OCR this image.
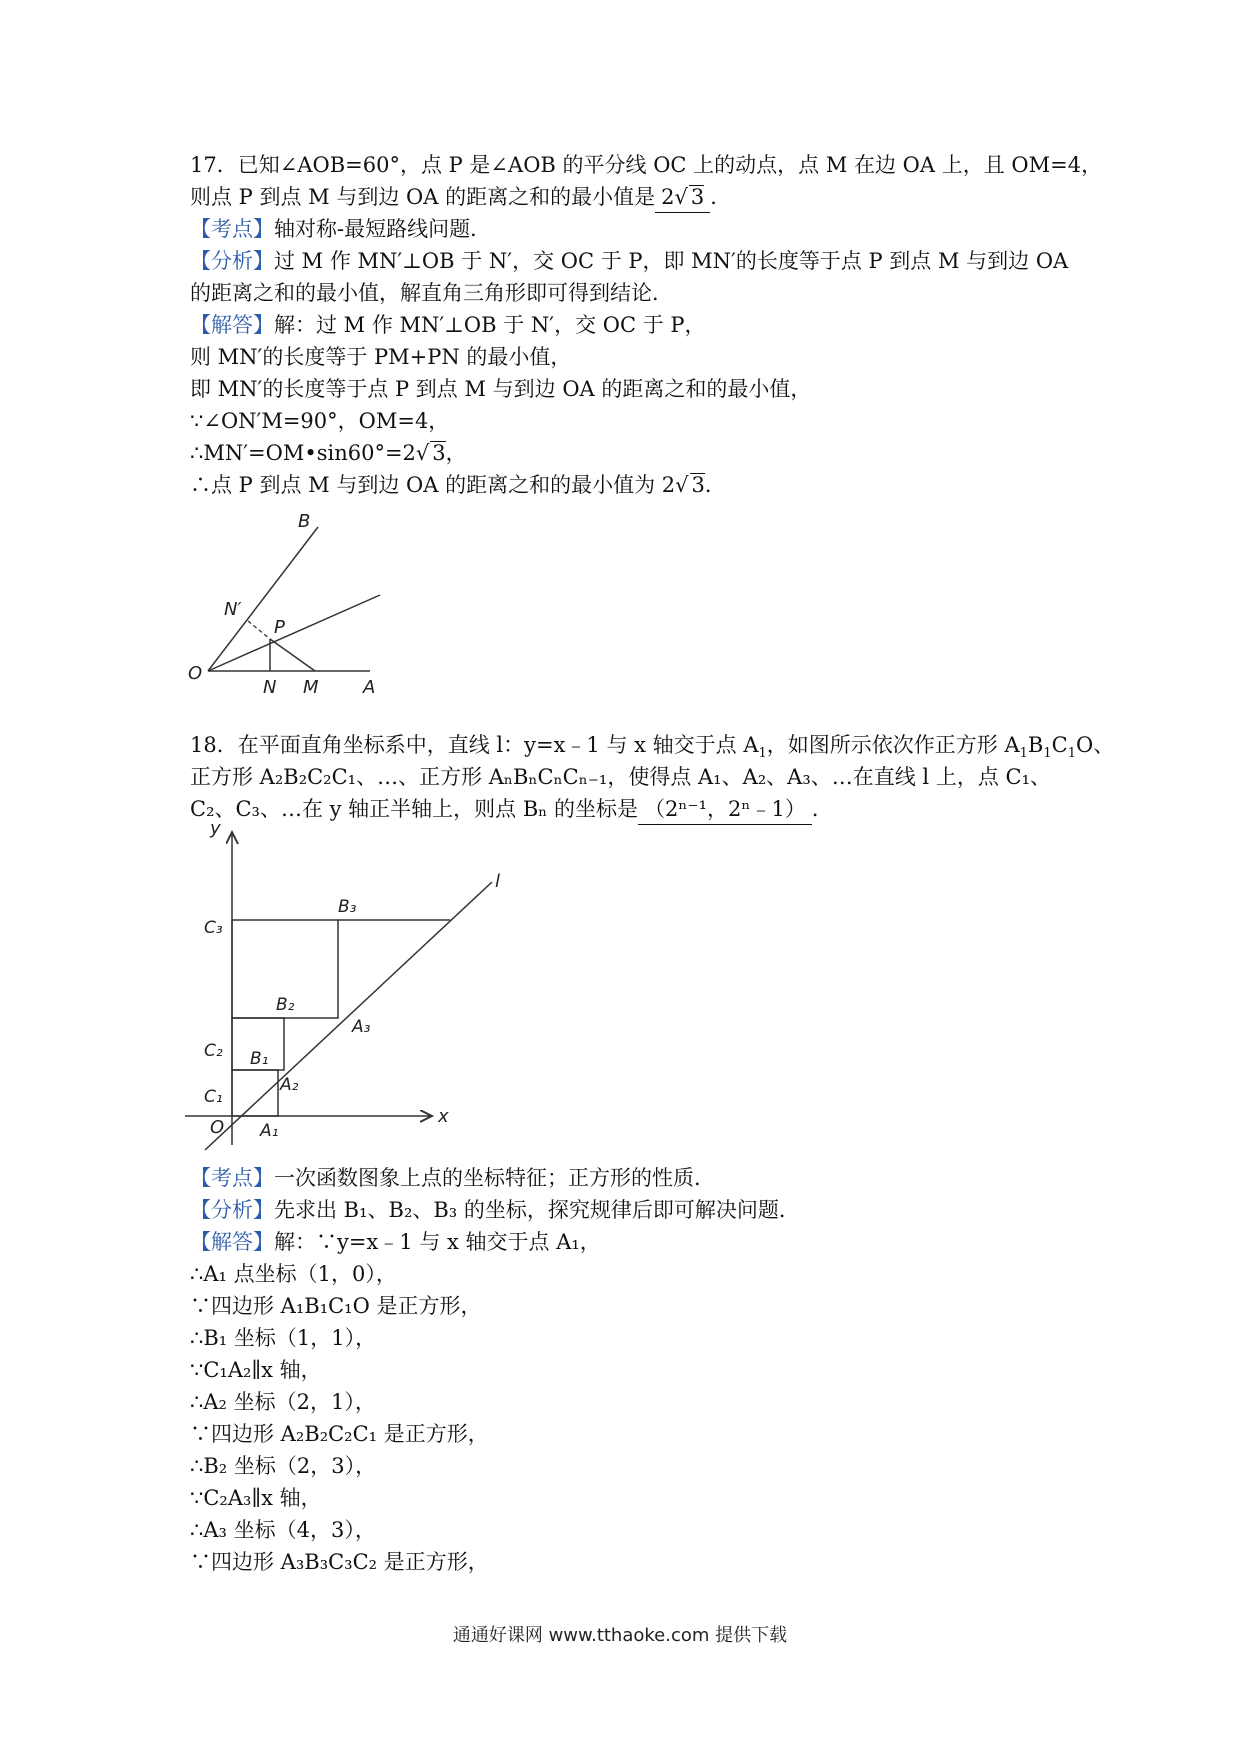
17．已知∠AOB=60°，点 P 是∠AOB 的平分线 OC 上的动点，点 M 在边 OA 上，且 OM=4，
则点 P 到点 M 与到边 OA 的距离之和的最小值是 2√ 3 ．
【考点】轴对称-最短路线问题．
【分析】过 M 作 MN′⊥OB 于 N′，交 OC 于 P，即 MN′的长度等于点 P 到点 M 与到边 OA
的距离之和的最小值，解直角三角形即可得到结论．
【解答】解：过 M 作 MN′⊥OB 于 N′，交 OC 于 P，
则 MN′的长度等于 PM+PN 的最小值，
即 MN′的长度等于点 P 到点 M 与到边 OA 的距离之和的最小值，
∵∠ON′M=90°，OM=4，
∴MN′=OM•sin60°=2√ 3，
∴点 P 到点 M 与到边 OA 的距离之和的最小值为 2√ 3．
B
N′
P
O
N M A
18．在平面直角坐标系中，直线 l：y=x﹣1 与 x 轴交于点 $A_1$，如图所示依次作正方形 $A_1B_1C_1O$、
正方形 A₂B₂C₂C₁、…、正方形 AₙBₙCₙCₙ₋₁，使得点 A₁、A₂、A₃、…在直线 l 上，点 C₁、
C₂、C₃、…在 y 轴正半轴上，则点 Bₙ 的坐标是 （2ⁿ⁻¹，2ⁿ﹣1） ．
y
x
l
O
C₁
C₂
C₃
B₁
B₂
B₃
A₁
A₂
A₃
【考点】一次函数图象上点的坐标特征；正方形的性质．
【分析】先求出 B₁、B₂、B₃ 的坐标，探究规律后即可解决问题．
【解答】解：∵y=x﹣1 与 x 轴交于点 A₁，
∴A₁ 点坐标（1，0），
∵四边形 A₁B₁C₁O 是正方形，
∴B₁ 坐标（1，1），
∵C₁A₂∥x 轴，
∴A₂ 坐标（2，1），
∵四边形 A₂B₂C₂C₁ 是正方形，
∴B₂ 坐标（2，3），
∵C₂A₃∥x 轴，
∴A₃ 坐标（4，3），
∵四边形 A₃B₃C₃C₂ 是正方形，
通通好课网 www.tthaoke.com 提供下载
